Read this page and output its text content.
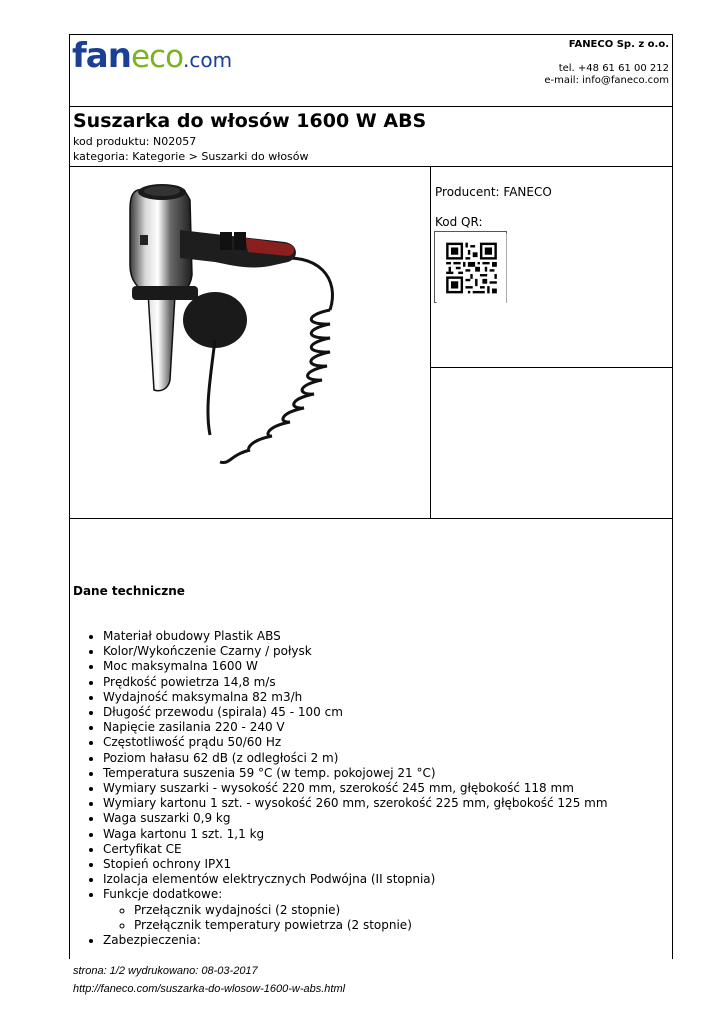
faneco.com
FANECO Sp. z o.o.
tel. +48 61 61 00 212
e-mail: info@faneco.com
Suszarka do włosów 1600 W ABS
kod produktu: N02057
kategoria: Kategorie > Suszarki do włosów
Producent: FANECO
Kod QR:
Dane techniczne
• Materiał obudowy Plastik ABS
• Kolor/Wykończenie Czarny / połysk
• Moc maksymalna 1600 W
• Prędkość powietrza 14,8 m/s
• Wydajność maksymalna 82 m3/h
• Długość przewodu (spirala) 45 - 100 cm
• Napięcie zasilania 220 - 240 V
• Częstotliwość prądu 50/60 Hz
• Poziom hałasu 62 dB (z odległości 2 m)
• Temperatura suszenia 59 °C (w temp. pokojowej 21 °C)
• Wymiary suszarki - wysokość 220 mm, szerokość 245 mm, głębokość 118 mm
• Wymiary kartonu 1 szt. - wysokość 260 mm, szerokość 225 mm, głębokość 125 mm
• Waga suszarki 0,9 kg
• Waga kartonu 1 szt. 1,1 kg
• Certyfikat CE
• Stopień ochrony IPX1
• Izolacja elementów elektrycznych Podwójna (II stopnia)
• Funkcje dodatkowe:
◦ Przełącznik wydajności (2 stopnie)
◦ Przełącznik temperatury powietrza (2 stopnie)
• Zabezpieczenia:
strona: 1/2 wydrukowano: 08-03-2017
http://faneco.com/suszarka-do-wlosow-1600-w-abs.html
